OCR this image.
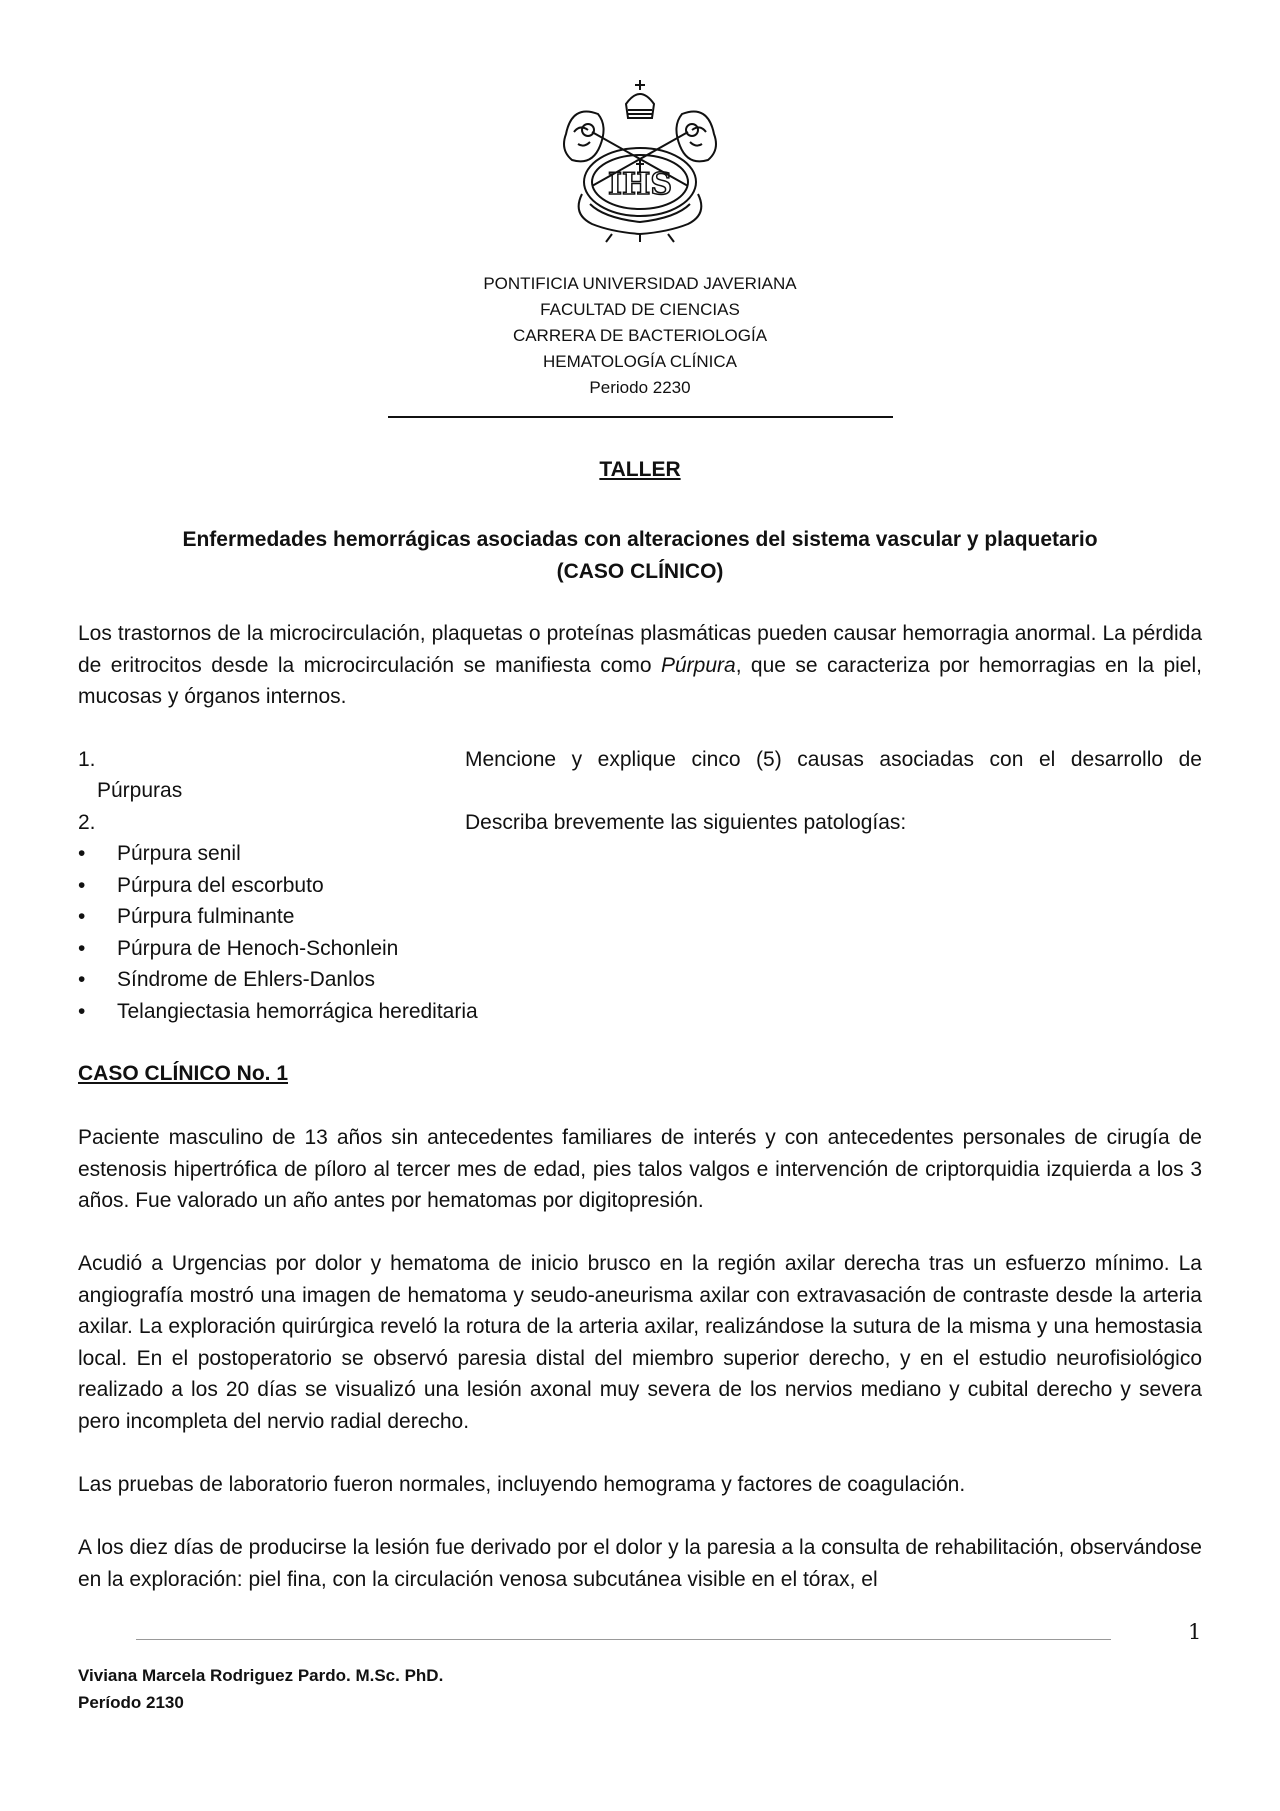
IHS
PONTIFICIA UNIVERSIDAD JAVERIANA
FACULTAD DE CIENCIAS
CARRERA DE BACTERIOLOGÍA
HEMATOLOGÍA CLÍNICA
Periodo 2230
TALLER
Enfermedades hemorrágicas asociadas con alteraciones del sistema vascular y plaquetario
(CASO CLÍNICO)
Los trastornos de la microcirculación, plaquetas o proteínas plasmáticas pueden causar hemorragia anormal. La pérdida de eritrocitos desde la microcirculación se manifiesta como Púrpura, que se caracteriza por hemorragias en la piel, mucosas y órganos internos.
1.	Mencione y explique cinco (5) causas asociadas con el desarrollo de
Púrpuras
2.	Describa brevemente las siguientes patologías:
• Púrpura senil
• Púrpura del escorbuto
• Púrpura fulminante
• Púrpura de Henoch-Schonlein
• Síndrome de Ehlers-Danlos
• Telangiectasia hemorrágica hereditaria
CASO CLÍNICO No. 1
Paciente masculino de 13 años sin antecedentes familiares de interés y con antecedentes personales de cirugía de estenosis hipertrófica de píloro al tercer mes de edad, pies talos valgos e intervención de criptorquidia izquierda a los 3 años. Fue valorado un año antes por hematomas por digitopresión.
Acudió a Urgencias por dolor y hematoma de inicio brusco en la región axilar derecha tras un esfuerzo mínimo. La angiografía mostró una imagen de hematoma y seudo-aneurisma axilar con extravasación de contraste desde la arteria axilar. La exploración quirúrgica reveló la rotura de la arteria axilar, realizándose la sutura de la misma y una hemostasia local. En el postoperatorio se observó paresia distal del miembro superior derecho, y en el estudio neurofisiológico realizado a los 20 días se visualizó una lesión axonal muy severa de los nervios mediano y cubital derecho y severa pero incompleta del nervio radial derecho.
Las pruebas de laboratorio fueron normales, incluyendo hemograma y factores de coagulación.
A los diez días de producirse la lesión fue derivado por el dolor y la paresia a la consulta de rehabilitación, observándose en la exploración: piel fina, con la circulación venosa subcutánea visible en el tórax, el
1
Viviana Marcela Rodriguez Pardo. M.Sc. PhD.
Período 2130
